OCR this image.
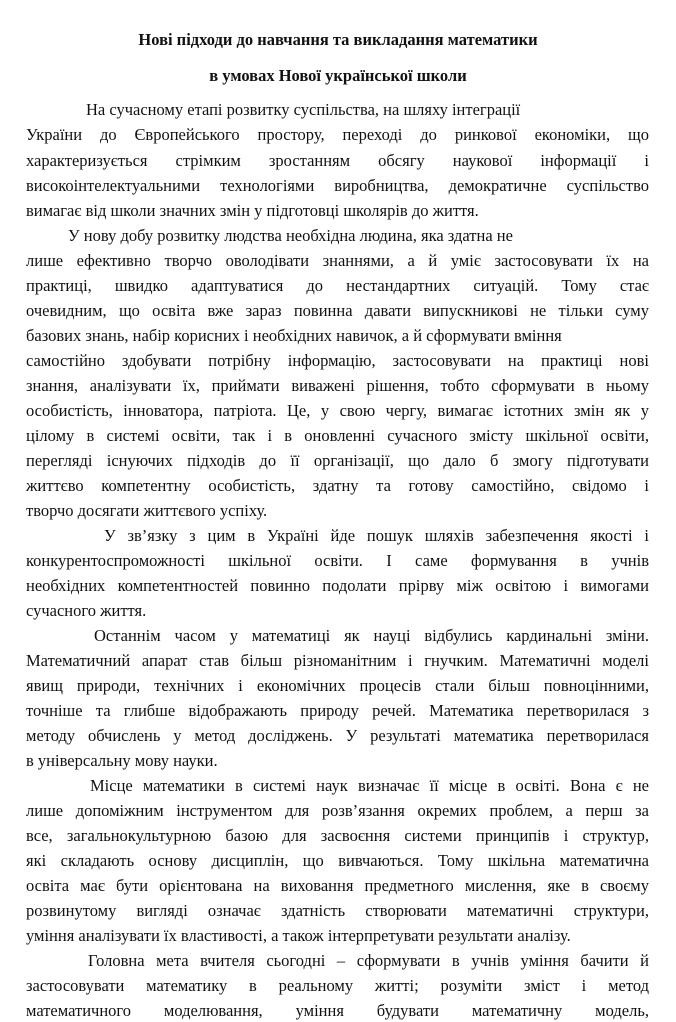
Нові підходи до навчання та викладання математики
в умовах Нової української школи
На сучасному етапі розвитку суспільства, на шляху інтеграції
України до Європейського простору, переході до ринкової економіки, що
характеризується стрімким зростанням обсягу наукової інформації і
високоінтелектуальними технологіями виробництва, демократичне суспільство
вимагає від школи значних змін у підготовці школярів до життя.
У нову добу розвитку людства необхідна людина, яка здатна не
лише ефективно творчо оволодівати знаннями, а й уміє застосовувати їх на
практиці, швидко адаптуватися до нестандартних ситуацій. Тому стає
очевидним, що освіта вже зараз повинна давати випускникові не тільки суму
базових знань, набір корисних і необхідних навичок, а й сформувати вміння
самостійно здобувати потрібну інформацію, застосовувати на практиці нові
знання, аналізувати їх, приймати виважені рішення, тобто сформувати в ньому
особистість, інноватора, патріота. Це, у свою чергу, вимагає істотних змін як у
цілому в системі освіти, так і в оновленні сучасного змісту шкільної освіти,
перегляді існуючих підходів до її організації, що дало б змогу підготувати
життєво компетентну особистість, здатну та готову самостійно, свідомо і
творчо досягати життєвого успіху.
У зв’язку з цим в Україні йде пошук шляхів забезпечення якості і
конкурентоспроможності шкільної освіти. І саме формування в учнів
необхідних компетентностей повинно подолати прірву між освітою і вимогами
сучасного життя.
Останнім часом у математиці як науці відбулись кардинальні зміни.
Математичний апарат став більш різноманітним і гнучким. Математичні моделі
явищ природи, технічних і економічних процесів стали більш повноцінними,
точніше та глибше відображають природу речей. Математика перетворилася з
методу обчислень у метод досліджень. У результаті математика перетворилася
в універсальну мову науки.
Місце математики в системі наук визначає її місце в освіті. Вона є не
лише допоміжним інструментом для розв’язання окремих проблем, а перш за
все, загальнокультурною базою для засвоєння системи принципів і структур,
які складають основу дисциплін, що вивчаються. Тому шкільна математична
освіта має бути орієнтована на виховання предметного мислення, яке в своєму
розвинутому вигляді означає здатність створювати математичні структури,
уміння аналізувати їх властивості, а також інтерпретувати результати аналізу.
Головна мета вчителя сьогодні – сформувати в учнів уміння бачити й
застосовувати математику в реальному житті; розуміти зміст і метод
математичного моделювання, уміння будувати математичну модель,
